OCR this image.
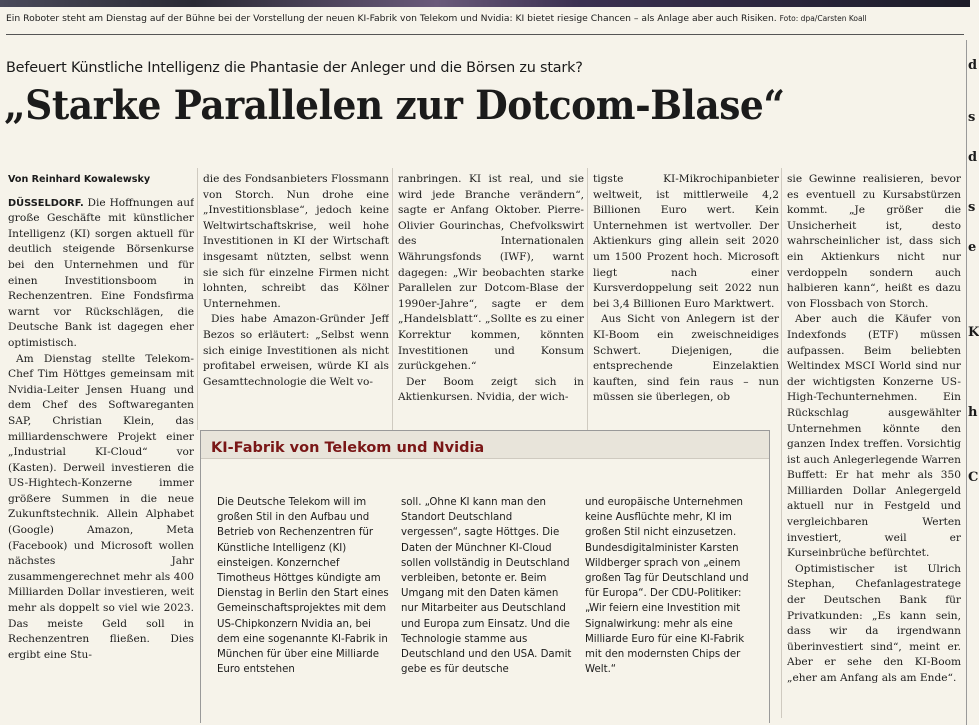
Ein Roboter steht am Dienstag auf der Bühne bei der Vorstellung der neuen KI-Fabrik von Telekom und Nvidia: KI bietet riesige Chancen – als Anlage aber auch Risiken. Foto: dpa/Carsten Koall
Befeuert Künstliche Intelligenz die Phantasie der Anleger und die Börsen zu stark?
„Starke Parallelen zur Dotcom-Blase“
d
s
d
s
e
K
h
C

Von Reinhard Kowalewsky

DÜSSELDORF. Die Hoffnungen auf große Geschäfte mit künstlicher Intelligenz (KI) sorgen aktuell für deutlich steigende Börsenkurse bei den Unternehmen und für einen Investitionsboom in Rechenzentren. Eine Fondsfirma warnt vor Rückschlägen, die Deutsche Bank ist dagegen eher optimistisch.

Am Dienstag stellte Telekom-Chef Tim Höttges gemeinsam mit Nvidia-Leiter Jensen Huang und dem Chef des Softwareganten SAP, Christian Klein, das milliardenschwere Projekt einer „Industrial KI-Cloud“ vor (Kasten). Derweil investieren die US-Hightech-Konzerne immer größere Summen in die neue Zukunftstechnik. Allein Alphabet (Google) Amazon, Meta (Facebook) und Microsoft wollen nächstes Jahr zusammengerechnet mehr als 400 Milliarden Dollar investieren, weit mehr als doppelt so viel wie 2023. Das meiste Geld soll in Rechenzentren fließen. Dies ergibt eine Stu-

die des Fondsanbieters Flossmann von Storch. Nun drohe eine „Investitionsblase“, jedoch keine Weltwirtschaftskrise, weil hohe Investitionen in KI der Wirtschaft insgesamt nützten, selbst wenn sie sich für einzelne Firmen nicht lohnten, schreibt das Kölner Unternehmen.

Dies habe Amazon-Gründer Jeff Bezos so erläutert: „Selbst wenn sich einige Investitionen als nicht profitabel erweisen, würde KI als Gesamttechnologie die Welt vo-

ranbringen. KI ist real, und sie wird jede Branche verändern“, sagte er Anfang Oktober. Pierre-Olivier Gourinchas, Chefvolkswirt des Internationalen Währungsfonds (IWF), warnt dagegen: „Wir beobachten starke Parallelen zur Dotcom-Blase der 1990er-Jahre“, sagte er dem „Handelsblatt“. „Sollte es zu einer Korrektur kommen, könnten Investitionen und Konsum zurückgehen.“

Der Boom zeigt sich in Aktienkursen. Nvidia, der wich-

tigste KI-Mikrochipanbieter weltweit, ist mittlerweile 4,2 Billionen Euro wert. Kein Unternehmen ist wertvoller. Der Aktienkurs ging allein seit 2020 um 1500 Prozent hoch. Microsoft liegt nach einer Kursverdoppelung seit 2022 nun bei 3,4 Billionen Euro Marktwert.

Aus Sicht von Anlegern ist der KI-Boom ein zweischneidiges Schwert. Diejenigen, die entsprechende Einzelaktien kauften, sind fein raus – nun müssen sie überlegen, ob

sie Gewinne realisieren, bevor es eventuell zu Kursabstürzen kommt. „Je größer die Unsicherheit ist, desto wahrscheinlicher ist, dass sich ein Aktienkurs nicht nur verdoppeln sondern auch halbieren kann“, heißt es dazu von Flossbach von Storch.

Aber auch die Käufer von Indexfonds (ETF) müssen aufpassen. Beim beliebten Weltindex MSCI World sind nur der wichtigsten Konzerne US-High-Techunternehmen. Ein Rückschlag ausgewählter Unternehmen könnte den ganzen Index treffen. Vorsichtig ist auch Anlegerlegende Warren Buffett: Er hat mehr als 350 Milliarden Dollar Anlegergeld aktuell nur in Festgeld und vergleichbaren Werten investiert, weil er Kurseinbrüche befürchtet.

Optimistischer ist Ulrich Stephan, Chefanlagestratege der Deutschen Bank für Privatkunden: „Es kann sein, dass wir da irgendwann überinvestiert sind“, meint er. Aber er sehe den KI-Boom „eher am Anfang als am Ende“.

KI-Fabrik von Telekom und Nvidia

Die Deutsche Telekom will im großen Stil in den Aufbau und Betrieb von Rechenzentren für Künstliche Intelligenz (KI) einsteigen. Konzernchef Timotheus Höttges kündigte am Dienstag in Berlin den Start eines Gemeinschaftsprojektes mit dem US-Chipkonzern Nvidia an, bei dem eine sogenannte KI-Fabrik in München für über eine Milliarde Euro entstehen

soll. „Ohne KI kann man den Standort Deutschland vergessen“, sagte Höttges. Die Daten der Münchner KI-Cloud sollen vollständig in Deutschland verbleiben, betonte er. Beim Umgang mit den Daten kämen nur Mitarbeiter aus Deutschland und Europa zum Einsatz. Und die Technologie stamme aus Deutschland und den USA. Damit gebe es für deutsche

und europäische Unternehmen keine Ausflüchte mehr, KI im großen Stil nicht einzusetzen. Bundesdigitalminister Karsten Wildberger sprach von „einem großen Tag für Deutschland und für Europa“. Der CDU-Politiker: „Wir feiern eine Investition mit Signalwirkung: mehr als eine Milliarde Euro für eine KI-Fabrik mit den modernsten Chips der Welt.“
